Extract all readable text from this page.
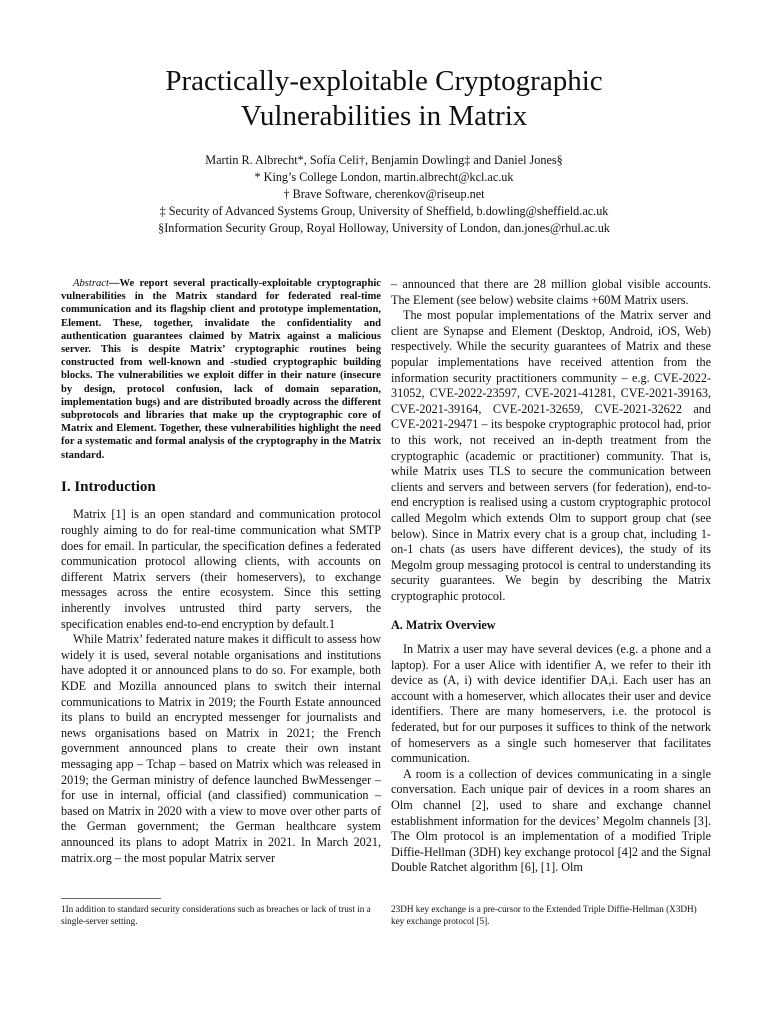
Practically-exploitable Cryptographic
Vulnerabilities in Matrix
Martin R. Albrecht*, Sofía Celi†, Benjamin Dowling‡ and Daniel Jones§
* King’s College London, martin.albrecht@kcl.ac.uk
† Brave Software, cherenkov@riseup.net
‡ Security of Advanced Systems Group, University of Sheffield, b.dowling@sheffield.ac.uk
§Information Security Group, Royal Holloway, University of London, dan.jones@rhul.ac.uk

Abstract—We report several practically-exploitable cryptographic vulnerabilities in the Matrix standard for federated real-time communication and its flagship client and prototype implementation, Element. These, together, invalidate the confidentiality and authentication guarantees claimed by Matrix against a malicious server. This is despite Matrix’ cryptographic routines being constructed from well-known and -studied cryptographic building blocks. The vulnerabilities we exploit differ in their nature (insecure by design, protocol confusion, lack of domain separation, implementation bugs) and are distributed broadly across the different subprotocols and libraries that make up the cryptographic core of Matrix and Element. Together, these vulnerabilities highlight the need for a systematic and formal analysis of the cryptography in the Matrix standard.

I. Introduction

Matrix [1] is an open standard and communication protocol roughly aiming to do for real-time communication what SMTP does for email. In particular, the specification defines a federated communication protocol allowing clients, with accounts on different Matrix servers (their homeservers), to exchange messages across the entire ecosystem. Since this setting inherently involves untrusted third party servers, the specification enables end-to-end encryption by default.1

While Matrix’ federated nature makes it difficult to assess how widely it is used, several notable organisations and institutions have adopted it or announced plans to do so. For example, both KDE and Mozilla announced plans to switch their internal communications to Matrix in 2019; the Fourth Estate announced its plans to build an encrypted messenger for journalists and news organisations based on Matrix in 2021; the French government announced plans to create their own instant messaging app – Tchap – based on Matrix which was released in 2019; the German ministry of defence launched BwMessenger – for use in internal, official (and classified) communication – based on Matrix in 2020 with a view to move over other parts of the German government; the German healthcare system announced its plans to adopt Matrix in 2021. In March 2021, matrix.org – the most popular Matrix server

– announced that there are 28 million global visible accounts. The Element (see below) website claims +60M Matrix users.

The most popular implementations of the Matrix server and client are Synapse and Element (Desktop, Android, iOS, Web) respectively. While the security guarantees of Matrix and these popular implementations have received attention from the information security practitioners community – e.g. CVE-2022-31052, CVE-2022-23597, CVE-2021-41281, CVE-2021-39163, CVE-2021-39164, CVE-2021-32659, CVE-2021-32622 and CVE-2021-29471 – its bespoke cryptographic protocol had, prior to this work, not received an in-depth treatment from the cryptographic (academic or practitioner) community. That is, while Matrix uses TLS to secure the communication between clients and servers and between servers (for federation), end-to-end encryption is realised using a custom cryptographic protocol called Megolm which extends Olm to support group chat (see below). Since in Matrix every chat is a group chat, including 1-on-1 chats (as users have different devices), the study of its Megolm group messaging protocol is central to understanding its security guarantees. We begin by describing the Matrix cryptographic protocol.

A. Matrix Overview

In Matrix a user may have several devices (e.g. a phone and a laptop). For a user Alice with identifier A, we refer to their ith device as (A, i) with device identifier DA,i. Each user has an account with a homeserver, which allocates their user and device identifiers. There are many homeservers, i.e. the protocol is federated, but for our purposes it suffices to think of the network of homeservers as a single such homeserver that facilitates communication.

A room is a collection of devices communicating in a single conversation. Each unique pair of devices in a room shares an Olm channel [2], used to share and exchange channel establishment information for the devices’ Megolm channels [3]. The Olm protocol is an implementation of a modified Triple Diffie-Hellman (3DH) key exchange protocol [4]2 and the Signal Double Ratchet algorithm [6], [1]. Olm

1In addition to standard security considerations such as breaches or lack of trust in a single-server setting.
23DH key exchange is a pre-cursor to the Extended Triple Diffie-Hellman (X3DH) key exchange protocol [5].
